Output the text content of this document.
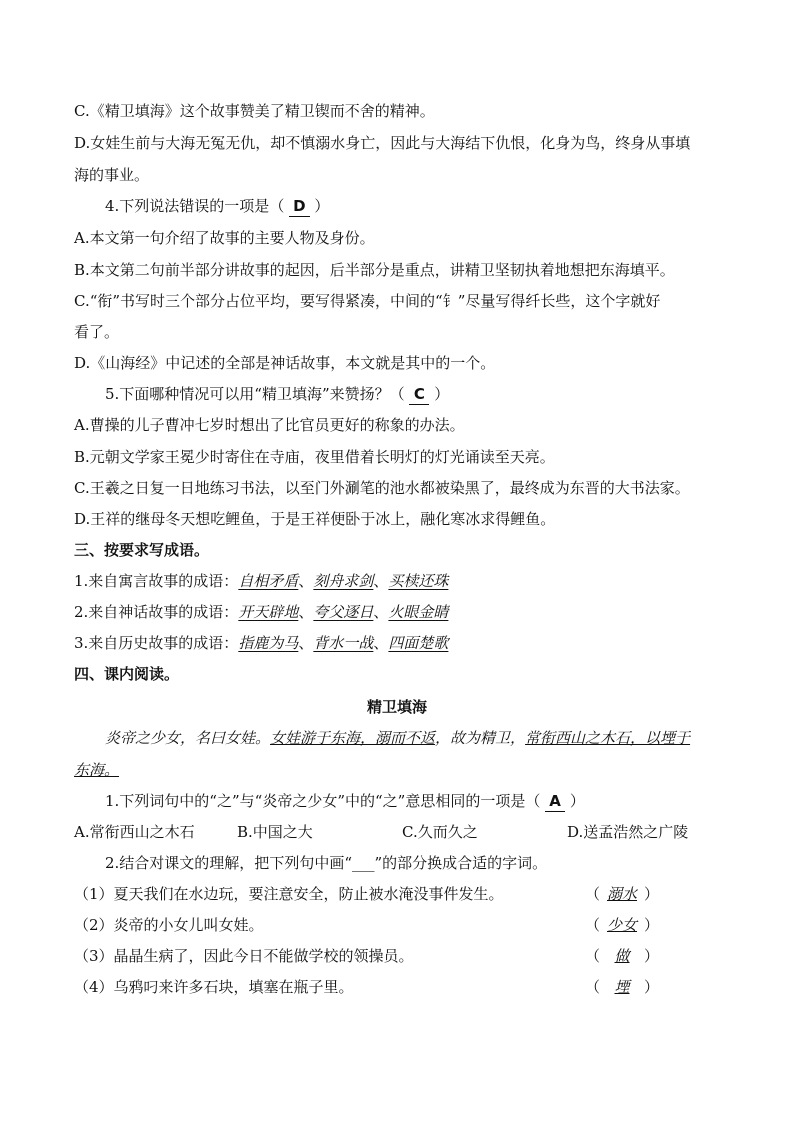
C.《精卫填海》这个故事赞美了精卫锲而不舍的精神。
D.女娃生前与大海无冤无仇，却不慎溺水身亡，因此与大海结下仇恨，化身为鸟，终身从事填
海的事业。
4.下列说法错误的一项是（ D ）
A.本文第一句介绍了故事的主要人物及身份。
B.本文第二句前半部分讲故事的起因，后半部分是重点，讲精卫坚韧执着地想把东海填平。
C.“衔”书写时三个部分占位平均，要写得紧凑，中间的“钅”尽量写得纤长些，这个字就好
看了。
D.《山海经》中记述的全部是神话故事，本文就是其中的一个。
5.下面哪种情况可以用“精卫填海”来赞扬？（ C ）
A.曹操的儿子曹冲七岁时想出了比官员更好的称象的办法。
B.元朝文学家王冕少时寄住在寺庙，夜里借着长明灯的灯光诵读至天亮。
C.王羲之日复一日地练习书法，以至门外涮笔的池水都被染黑了，最终成为东晋的大书法家。
D.王祥的继母冬天想吃鲤鱼，于是王祥便卧于冰上，融化寒冰求得鲤鱼。
三、按要求写成语。
1.来自寓言故事的成语：自相矛盾、刻舟求剑、买椟还珠
2.来自神话故事的成语：开天辟地、夸父逐日、火眼金睛
3.来自历史故事的成语：指鹿为马、背水一战、四面楚歌
四、课内阅读。
精卫填海
炎帝之少女，名曰女娃。女娃游于东海，溺而不返，故为精卫，常衔西山之木石，以堙于
东海。
1.下列词句中的“之”与“炎帝之少女”中的“之”意思相同的一项是（ A ）
A.常衔西山之木石	B.中国之大	C.久而久之	D.送孟浩然之广陵
2.结合对课文的理解，把下列句中画“___”的部分换成合适的字词。
（1）夏天我们在水边玩，要注意安全，防止被水淹没事件发生。	（ 溺水 ）
（2）炎帝的小女儿叫女娃。	（ 少女 ）
（3）晶晶生病了，因此今日不能做学校的领操员。	（ 做 ）
（4）乌鸦叼来许多石块，填塞在瓶子里。	（ 堙 ）
